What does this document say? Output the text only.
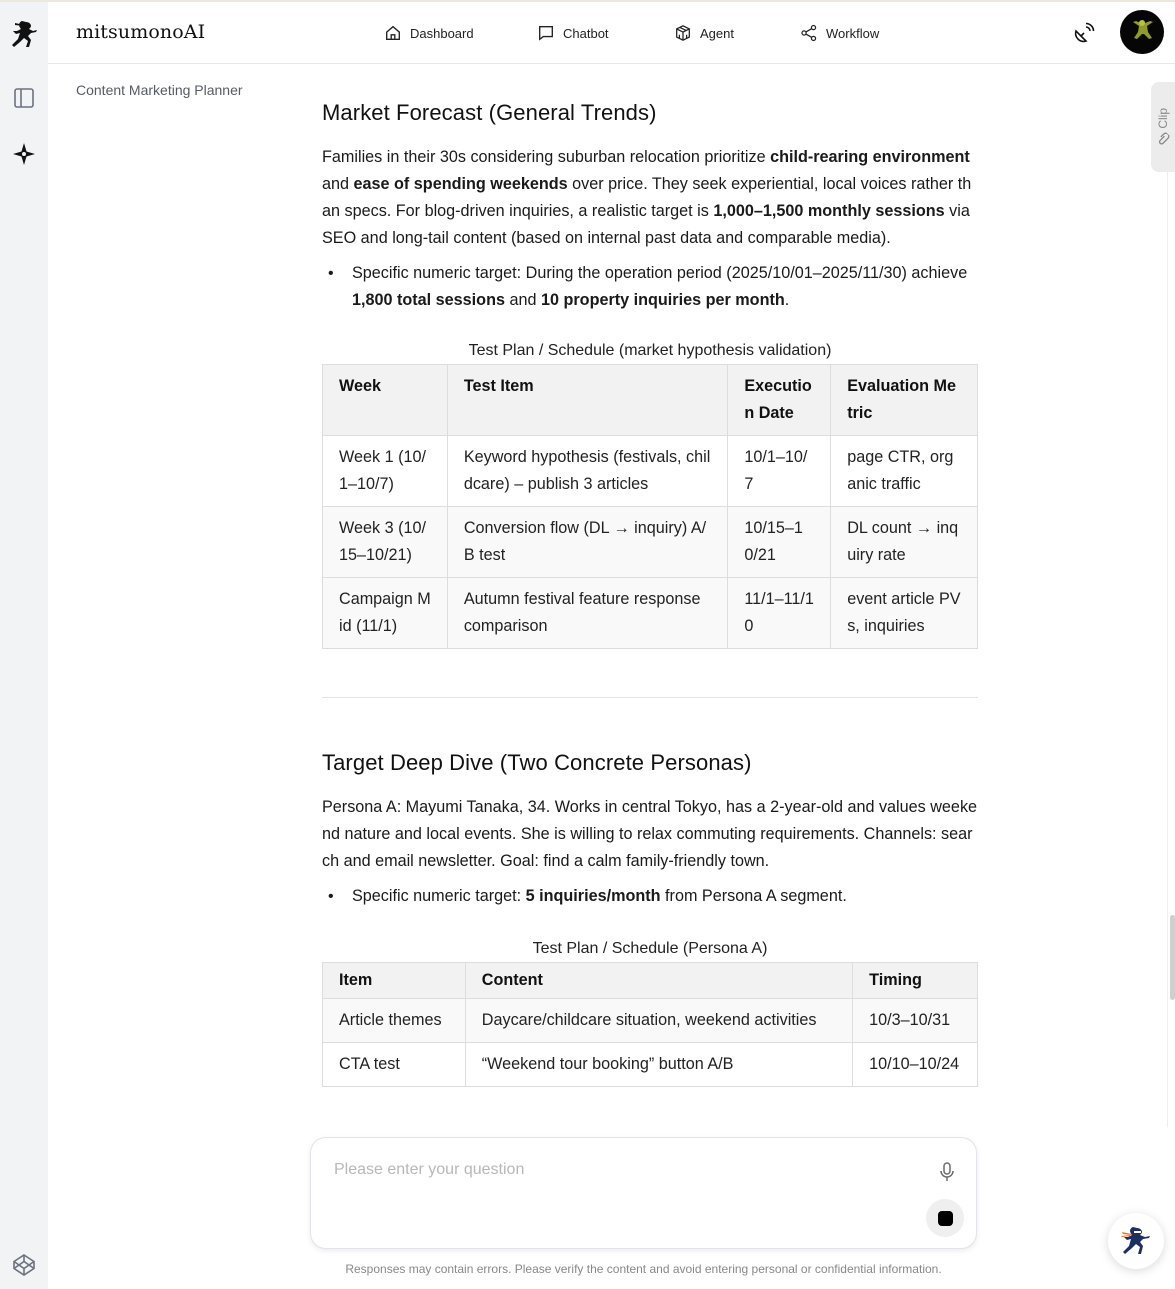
mitsumonoAI	Dashboard	Chatbot	Agent	Workflow
Content Marketing Planner
Clip
Market Forecast (General Trends)

Families in their 30s considering suburban relocation prioritize child-rearing environment and ease of spending weekends over price. They seek experiential, local voices rather than specs. For blog-driven inquiries, a realistic target is 1,000–1,500 monthly sessions via SEO and long-tail content (based on internal past data and comparable media).

• Specific numeric target: During the operation period (2025/10/01–2025/11/30) achieve 1,800 total sessions and 10 property inquiries per month.
Test Plan / Schedule (market hypothesis validation)
Week	Test Item	Execution Date	Evaluation Metric
Week 1 (10/1–10/7)	Keyword hypothesis (festivals, childcare) – publish 3 articles	10/1–10/7	page CTR, organic traffic
Week 3 (10/15–10/21)	Conversion flow (DL → inquiry) A/B test	10/15–10/21	DL count → inquiry rate
Campaign Mid (11/1)	Autumn festival feature response comparison	11/1–11/10	event article PVs, inquiries
Target Deep Dive (Two Concrete Personas)

Persona A: Mayumi Tanaka, 34. Works in central Tokyo, has a 2-year-old and values weekend nature and local events. She is willing to relax commuting requirements. Channels: search and email newsletter. Goal: find a calm family-friendly town.

• Specific numeric target: 5 inquiries/month from Persona A segment.
Test Plan / Schedule (Persona A)
Item	Content	Timing
Article themes	Daycare/childcare situation, weekend activities	10/3–10/31
CTA test	“Weekend tour booking” button A/B	10/10–10/24
Please enter your question
Responses may contain errors. Please verify the content and avoid entering personal or confidential information.
